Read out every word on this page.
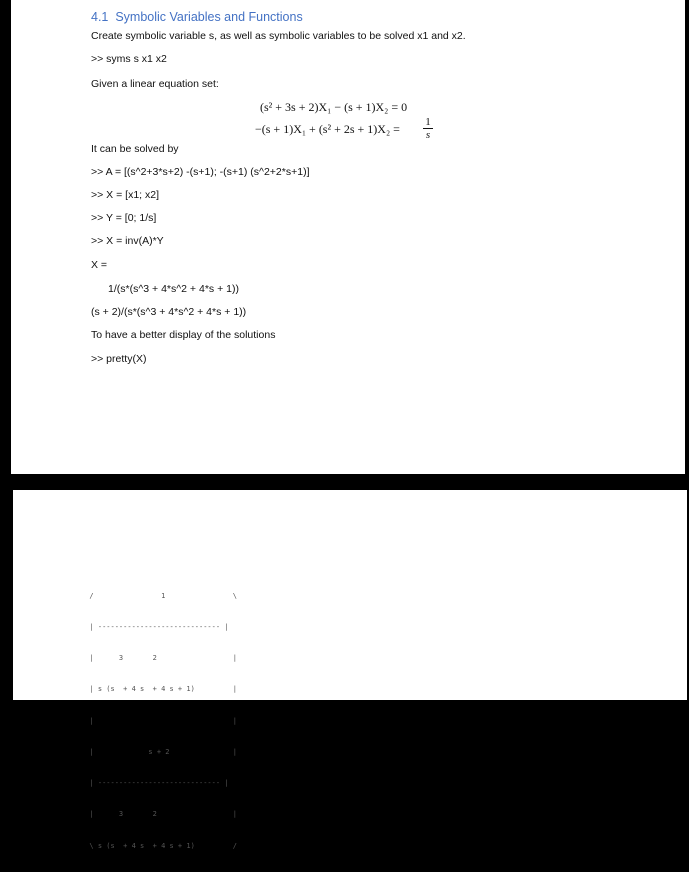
4.1 Symbolic Variables and Functions
Create symbolic variable s, as well as symbolic variables to be solved x1 and x2.
>> syms s x1 x2
Given a linear equation set:
(s² + 3s + 2)X₁ − (s + 1)X₂ = 0
−(s + 1)X₁ + (s² + 2s + 1)X₂ = 1
s
It can be solved by
>> A = [(s^2+3*s+2) -(s+1); -(s+1) (s^2+2*s+1)]
>> X = [x1; x2]
>> Y = [0; 1/s]
>> X = inv(A)*Y
X =
1/(s*(s^3 + 4*s^2 + 4*s + 1))
(s + 2)/(s*(s^3 + 4*s^2 + 4*s + 1))
To have a better display of the solutions
>> pretty(X)

/                1                \

| ----------------------------- |

|      3       2                  |

| s (s  + 4 s  + 4 s + 1)         |

|                                 |

|             s + 2               |

| ----------------------------- |

|      3       2                  |

\ s (s  + 4 s  + 4 s + 1)         /
